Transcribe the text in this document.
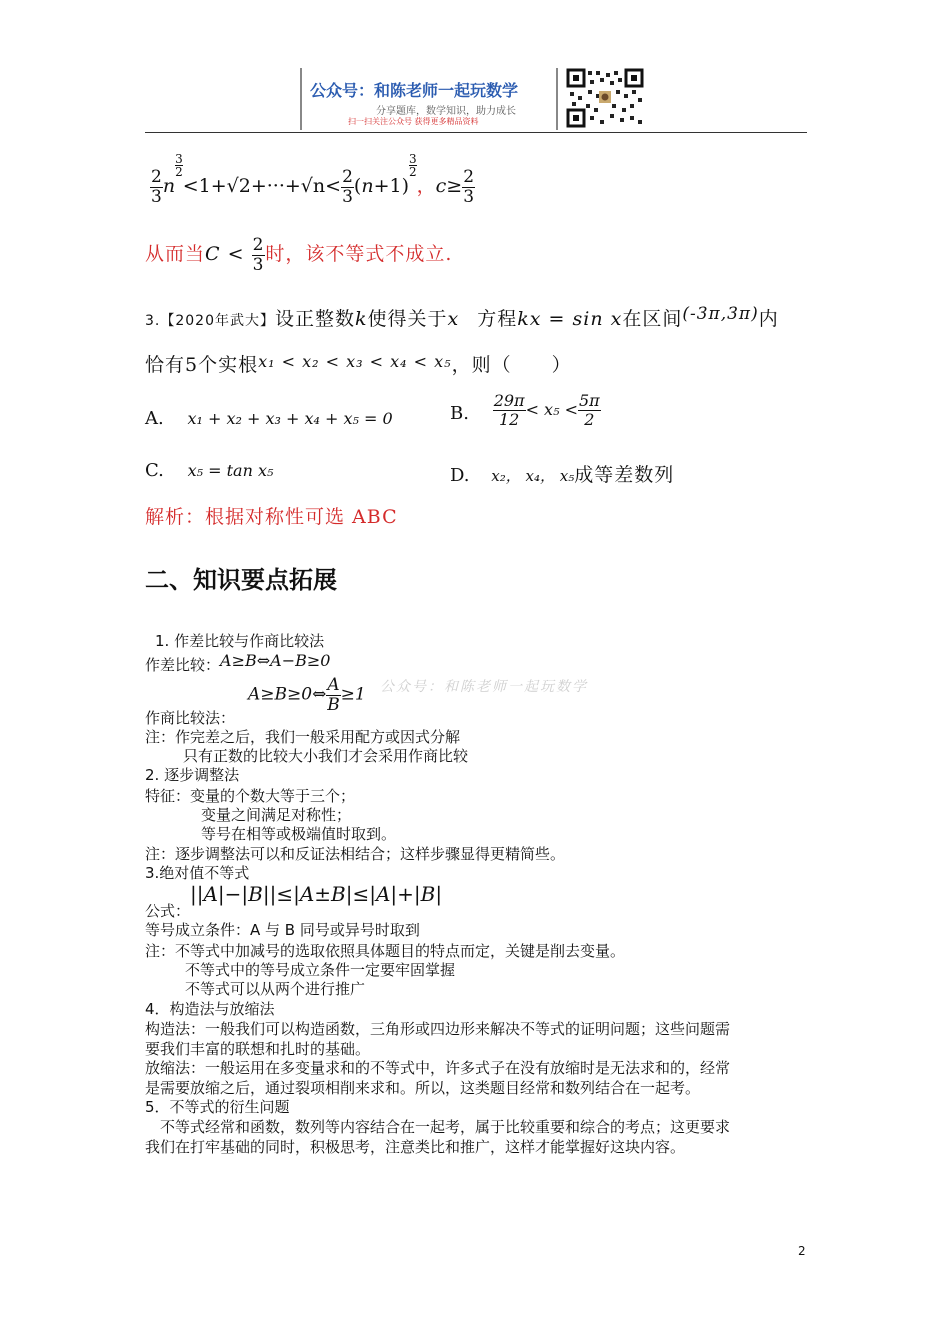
公众号：和陈老师一起玩数学
分享题库，数学知识，助力成长
扫一扫关注公众号 获得更多精品资料
$\frac{2}{3}$ n
$\frac{3}{2}$
$<1+√2+\cdot\cdot\cdot+√n< \frac{2}{3} (n+1)$
$\frac{3}{2}$
，$c\ge \frac{2}{3}$
从而当$C < \frac{2}{3}$ 时，该不等式不成立.
3.【2020年武大】设正整数k使得关于x 方程kx = sin x在区间(-3π,3π)内
恰有5个实根$^{x_1 < x_2 < x_3 < x_4 < x_5}$，则（　　）
A. x₁ + x₂ + x₃ + x₄ + x₅ = 0	B. $\frac{29\pi}{12} < x_5 < \frac{5\pi}{2}$
C. x₅ = tan x₅	D. x₂， x₄， x₅成等差数列
解析：根据对称性可选 ABC
二、知识要点拓展
公众号：和陈老师一起玩数学
1. 作差比较与作商比较法
作差比较：A≥B⇔A−B≥0
A≥B≥0⇔ $\frac{A}{B} \ge 1$
作商比较法：
注：作完差之后，我们一般采用配方或因式分解
只有正数的比较大小我们才会采用作商比较
2. 逐步调整法
特征：变量的个数大等于三个；
变量之间满足对称性；
等号在相等或极端值时取到。
注：逐步调整法可以和反证法相结合；这样步骤显得更精简些。
3.绝对值不等式
公式：
||A|−|B||≤|A±B|≤|A|+|B|
等号成立条件：A 与 B 同号或异号时取到
注：不等式中加减号的选取依照具体题目的特点而定，关键是削去变量。
不等式中的等号成立条件一定要牢固掌握
不等式可以从两个进行推广
4．构造法与放缩法
构造法：一般我们可以构造函数，三角形或四边形来解决不等式的证明问题；这些问题需
要我们丰富的联想和扎时的基础。
放缩法：一般运用在多变量求和的不等式中，许多式子在没有放缩时是无法求和的，经常
是需要放缩之后，通过裂项相削来求和。所以，这类题目经常和数列结合在一起考。
5．不等式的衍生问题
不等式经常和函数，数列等内容结合在一起考，属于比较重要和综合的考点；这更要求
我们在打牢基础的同时，积极思考，注意类比和推广，这样才能掌握好这块内容。
2
